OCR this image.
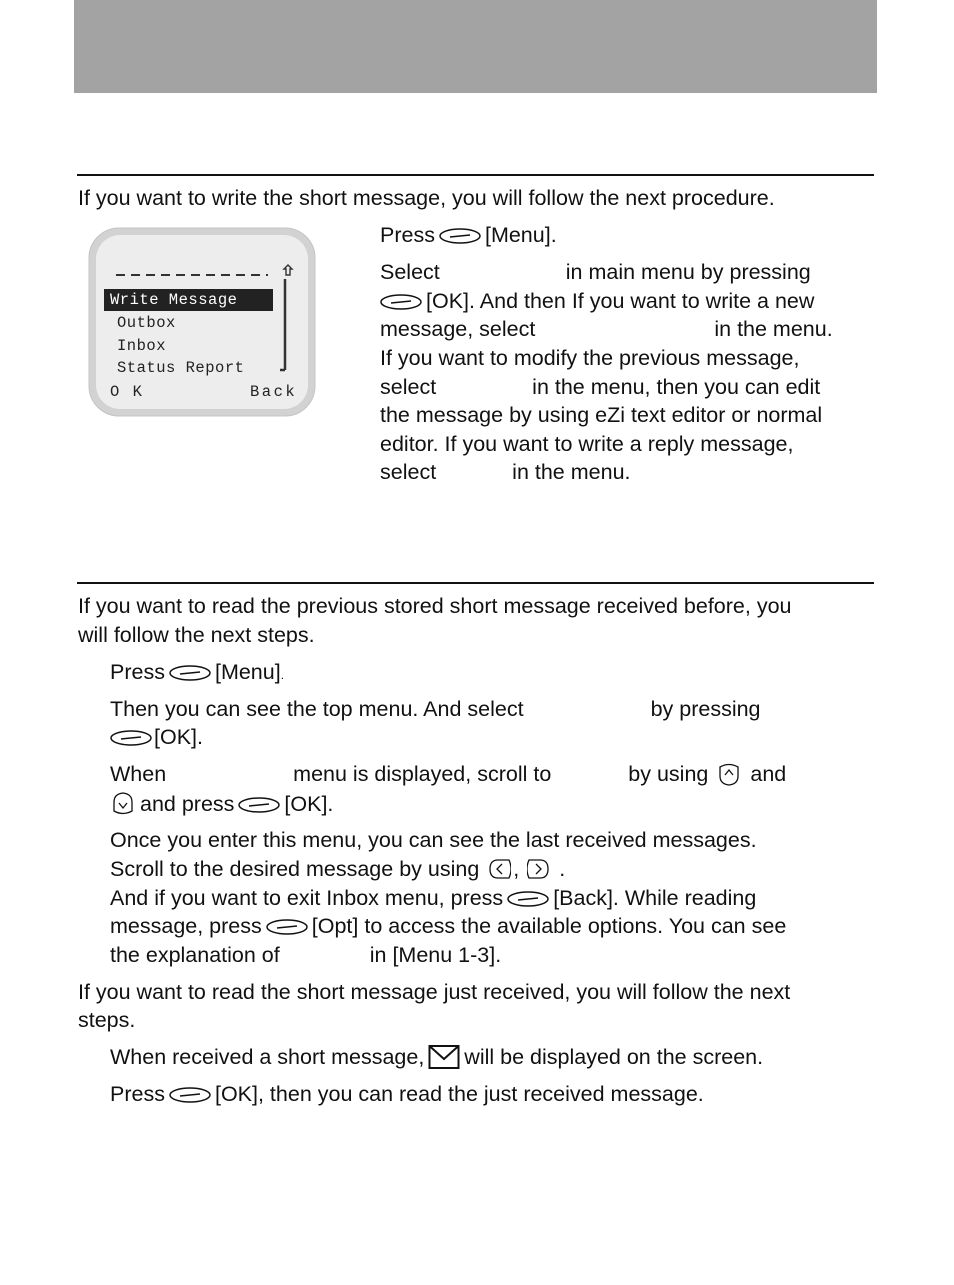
If you want to write the short message, you will follow the next procedure.
Write Message
Outbox
Inbox
Status Report
O K	Back
Press [Menu].
Select	in main menu by pressing
[OK]. And then If you want to write a new
message, select	in the menu.
If you want to modify the previous message,
select	in the menu, then you can edit
the message by using eZi text editor or normal
editor. If you want to write a reply message,
select	in the menu.
If you want to read the previous stored short message received before, you
will follow the next steps.
Press [Menu].
Then you can see the top menu. And select	by pressing
[OK].
When	menu is displayed, scroll to	by using and
and press [OK].
Once you enter this menu, you can see the last received messages.
Scroll to the desired message by using , .
And if you want to exit Inbox menu, press [Back]. While reading
message, press [Opt] to access the available options. You can see
the explanation of	in [Menu 1-3].
If you want to read the short message just received, you will follow the next
steps.
When received a short message, will be displayed on the screen.
Press [OK], then you can read the just received message.
